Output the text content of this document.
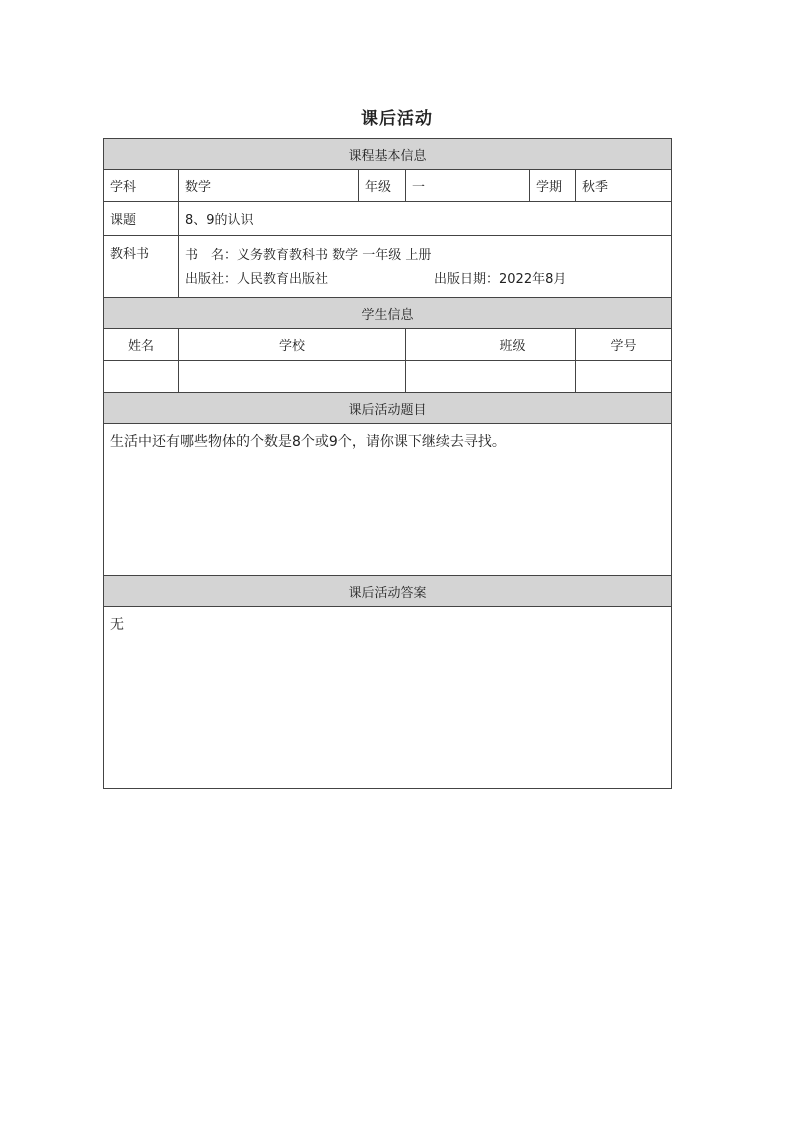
课后活动
课程基本信息					
学科	数学	年级	一	学期	秋季
课题	8、9的认识				
教科书	书　名：义务教育教科书 数学 一年级 上册
出版社：人民教育出版社 出版日期：2022年8月				

学生信息					
姓名	学校		班级		学号

课后活动题目					
生活中还有哪些物体的个数是8个或9个，请你课下继续去寻找。					
课后活动答案					
无					
